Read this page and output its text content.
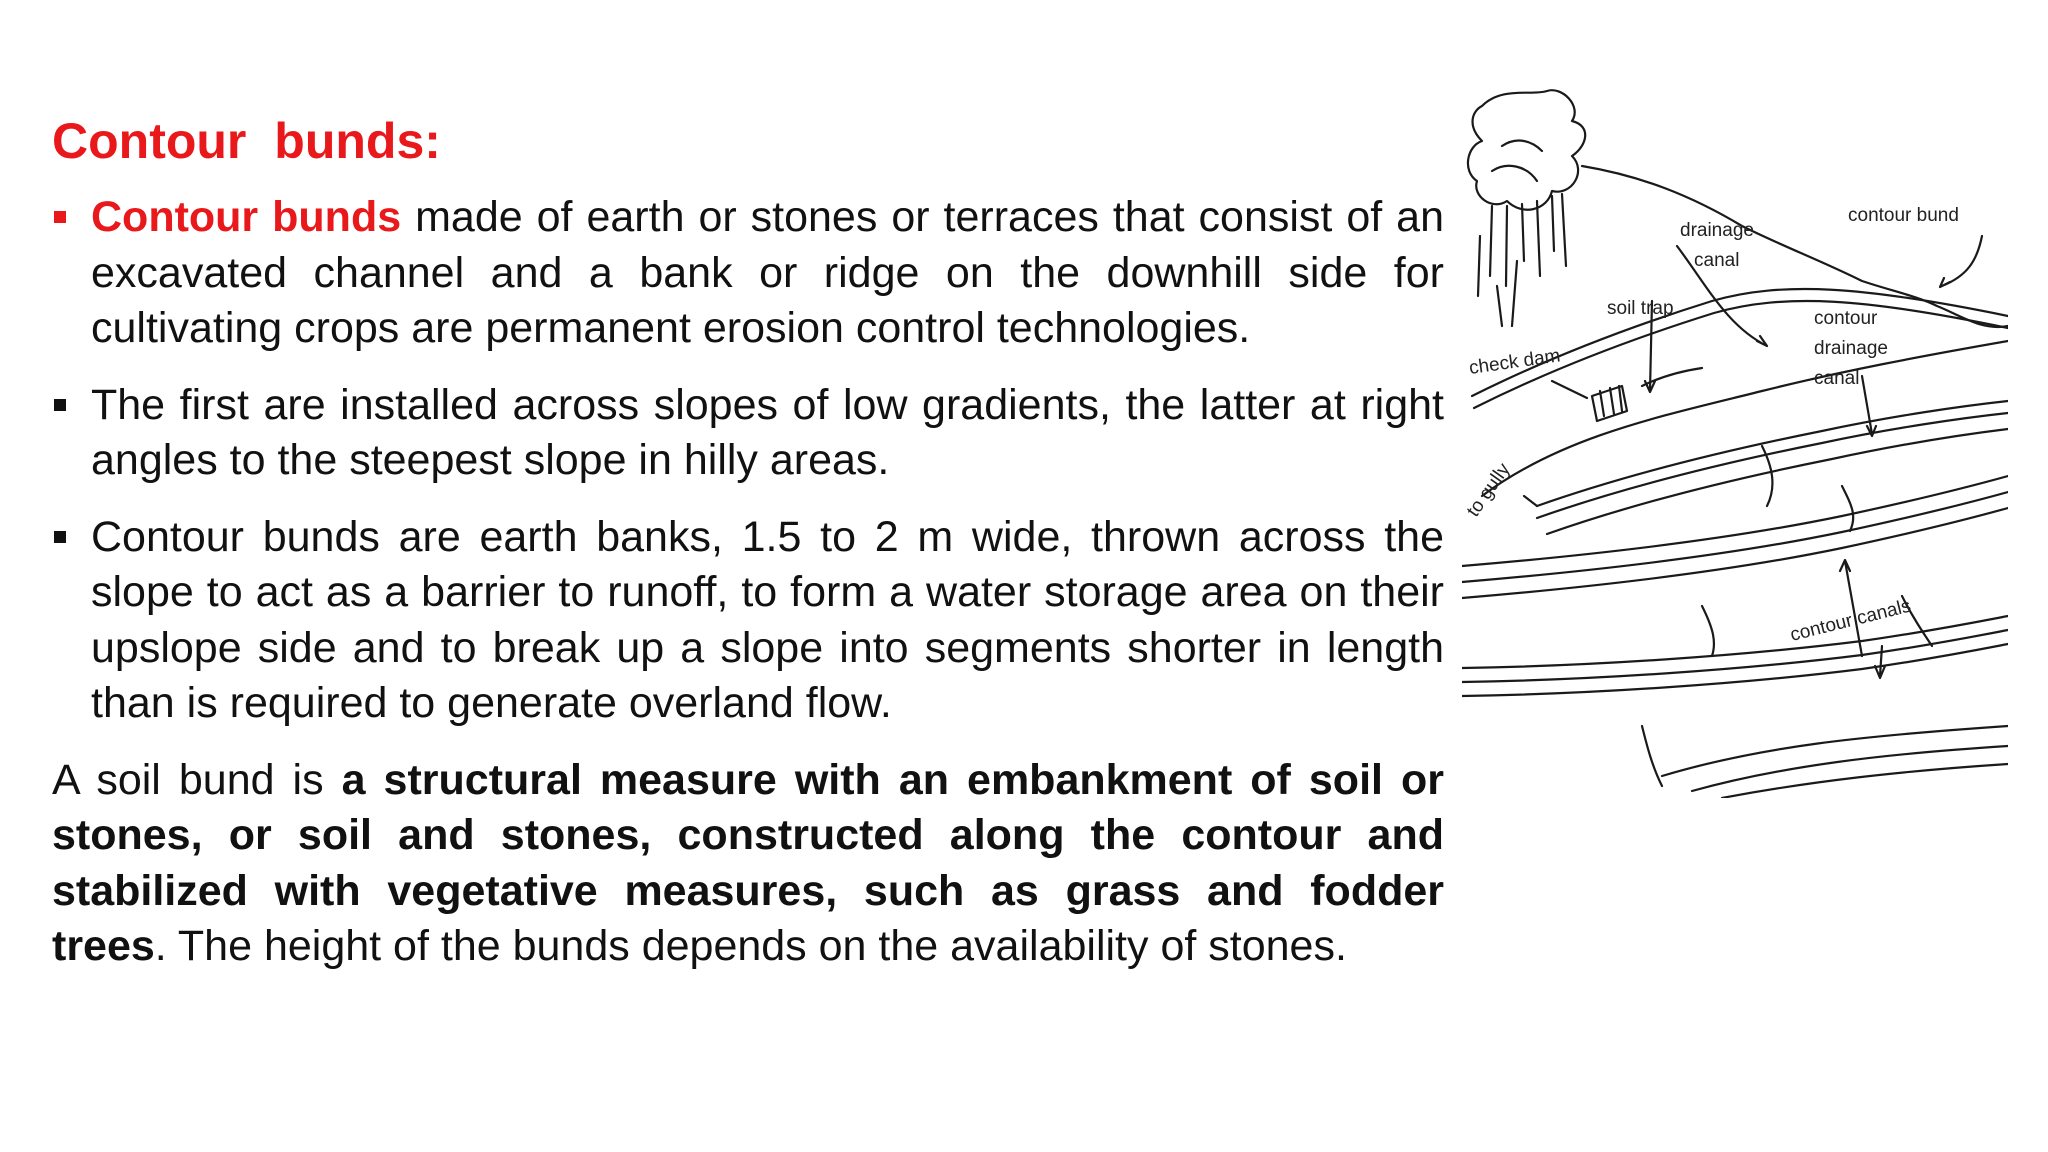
Contour bunds:
Contour bunds made of earth or stones or terraces that consist of an excavated channel and a bank or ridge on the downhill side for cultivating crops are permanent erosion control technologies.
The first are installed across slopes of low gradients, the latter at right angles to the steepest slope in hilly areas.
Contour bunds are earth banks, 1.5 to 2 m wide, thrown across the slope to act as a barrier to runoff, to form a water storage area on their upslope side and to break up a slope into segments shorter in length than is required to generate overland flow.

A soil bund is a structural measure with an embankment of soil or stones, or soil and stones, constructed along the contour and stabilized with vegetative measures, such as grass and fodder trees. The height of the bunds depends on the availability of stones.

drainage
canal
contour bund
soil trap	contour
drainage
canal
check dam
to gully
contour canals
